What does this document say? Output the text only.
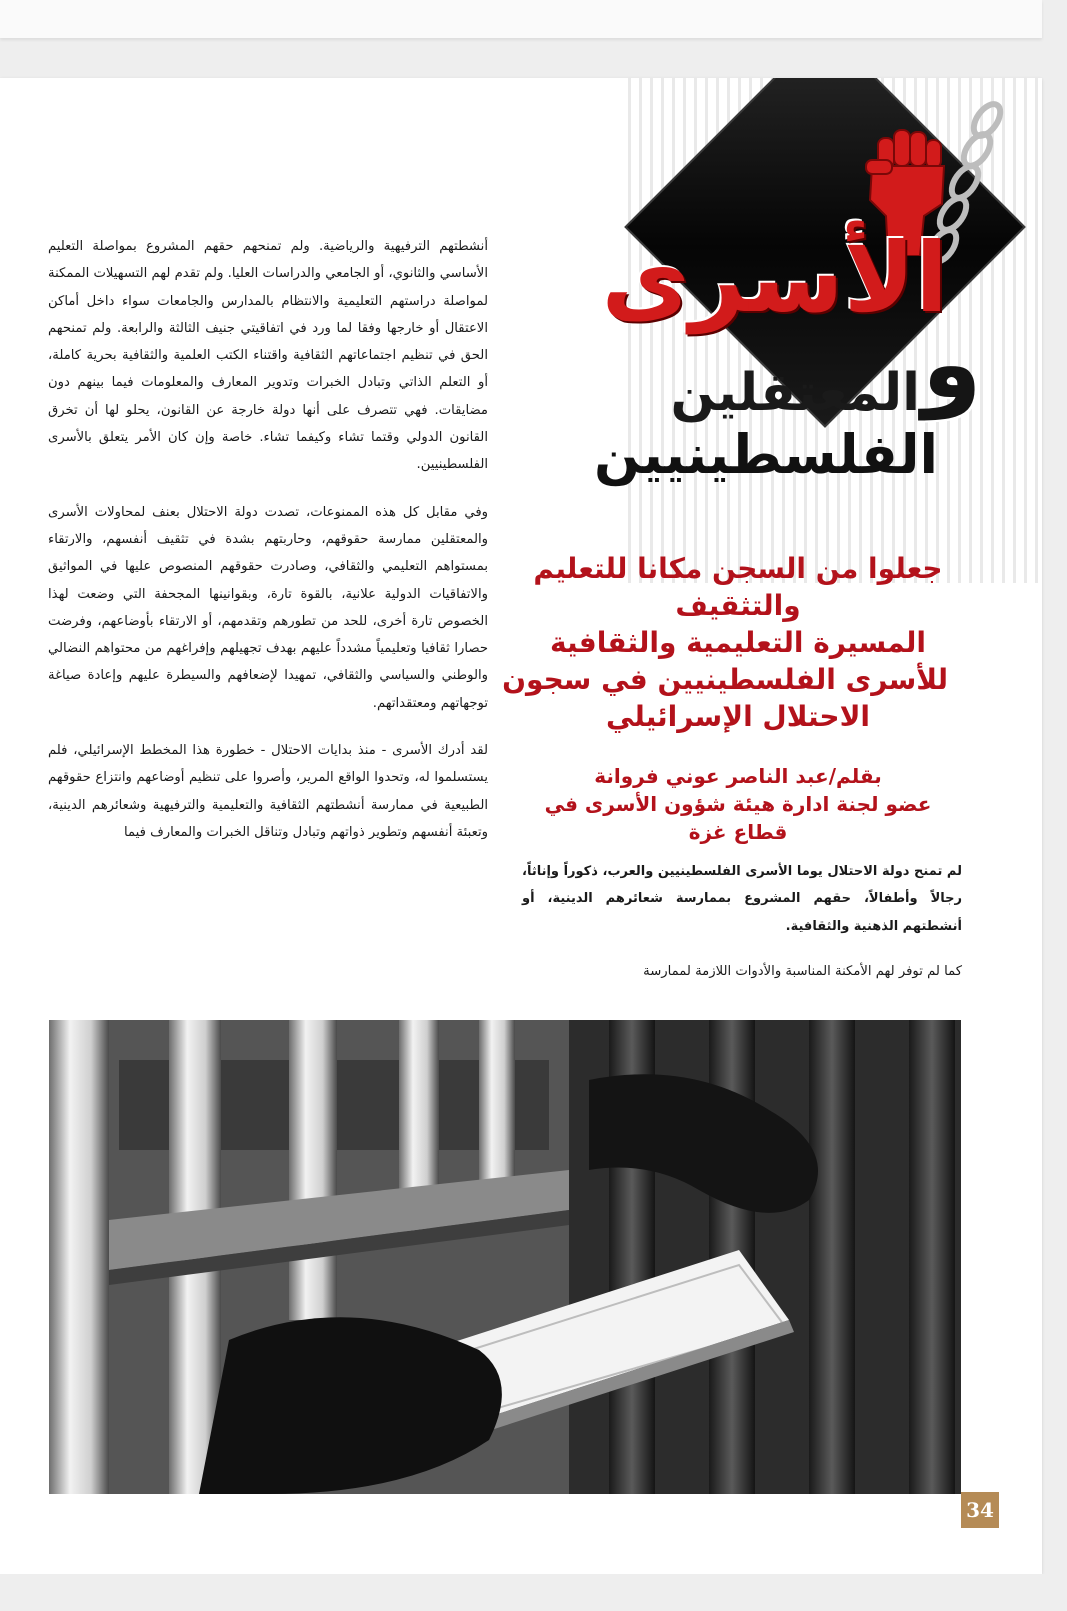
الأسرى
و
المعتقلين
الفلسطينيين
جعلوا من السجن مكانا للتعليم
والتثقيف
المسيرة التعليمية والثقافية
للأسرى الفلسطينيين في سجون
الاحتلال الإسرائيلي
بقلم/عبد الناصر عوني فروانة
عضو لجنة ادارة هيئة شؤون الأسرى في
قطاع غزة

أنشطتهم الترفيهية والرياضية. ولم تمنحهم حقهم المشروع بمواصلة التعليم الأساسي والثانوي، أو الجامعي والدراسات العليا. ولم تقدم لهم التسهيلات الممكنة لمواصلة دراستهم التعليمية والانتظام بالمدارس والجامعات سواء داخل أماكن الاعتقال أو خارجها وفقا لما ورد في اتفاقيتي جنيف الثالثة والرابعة. ولم تمنحهم الحق في تنظيم اجتماعاتهم الثقافية واقتناء الكتب العلمية والثقافية بحرية كاملة، أو التعلم الذاتي وتبادل الخبرات وتدوير المعارف والمعلومات فيما بينهم دون مضايقات. فهي تتصرف على أنها دولة خارجة عن القانون، يحلو لها أن تخرق القانون الدولي وقتما تشاء وكيفما تشاء. خاصة وإن كان الأمر يتعلق بالأسرى الفلسطينيين.

وفي مقابل كل هذه الممنوعات، تصدت دولة الاحتلال بعنف لمحاولات الأسرى والمعتقلين ممارسة حقوقهم، وحاربتهم بشدة في تثقيف أنفسهم، والارتقاء بمستواهم التعليمي والثقافي، وصادرت حقوقهم المنصوص عليها في المواثيق والاتفاقيات الدولية علانية، بالقوة تارة، وبقوانينها المجحفة التي وضعت لهذا الخصوص تارة أخرى، للحد من تطورهم وتقدمهم، أو الارتقاء بأوضاعهم، وفرضت حصارا ثقافيا وتعليمياً مشدداً عليهم بهدف تجهيلهم وإفراغهم من محتواهم النضالي والوطني والسياسي والثقافي، تمهيدا لإضعافهم والسيطرة عليهم وإعادة صياغة توجهاتهم ومعتقداتهم.

لقد أدرك الأسرى - منذ بدايات الاحتلال - خطورة هذا المخطط الإسرائيلي، فلم يستسلموا له، وتحدوا الواقع المرير، وأصروا على تنظيم أوضاعهم وانتزاع حقوقهم الطبيعية في ممارسة أنشطتهم الثقافية والتعليمية والترفيهية وشعائرهم الدينية، وتعبئة أنفسهم وتطوير ذواتهم وتبادل وتناقل الخبرات والمعارف فيما

لم تمنح دولة الاحتلال يوما الأسرى الفلسطينيين والعرب، ذكوراً وإناثاً، رجالاً وأطفالاً، حقهم المشروع بممارسة شعائرهم الدينية، أو أنشطتهم الذهنية والثقافية.

كما لم توفر لهم الأمكنة المناسبة والأدوات اللازمة لممارسة

34
